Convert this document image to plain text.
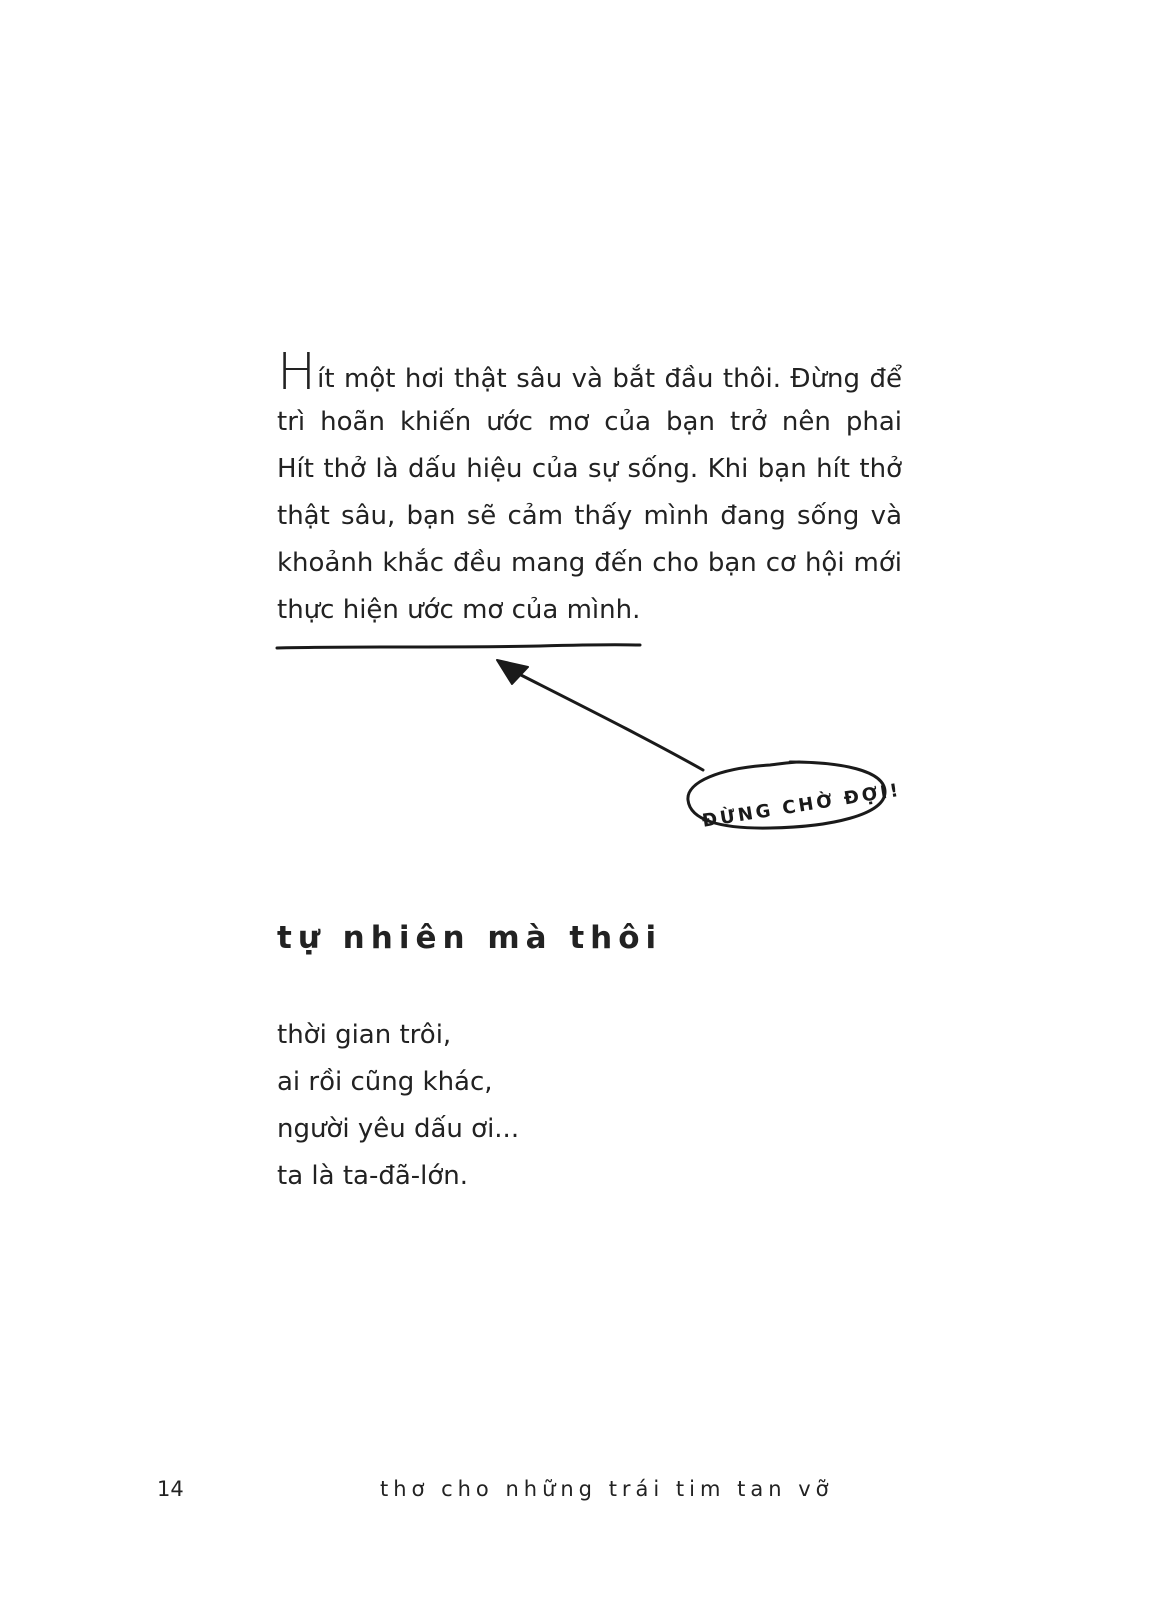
Hít một hơi thật sâu và bắt đầu thôi. Đừng để
trì hoãn khiến ước mơ của bạn trở nên phai
Hít thở là dấu hiệu của sự sống. Khi bạn hít thở
thật sâu, bạn sẽ cảm thấy mình đang sống và
khoảnh khắc đều mang đến cho bạn cơ hội mới
thực hiện ước mơ của mình.
ĐỪNG CHỜ ĐỢI!
tự nhiên mà thôi
thời gian trôi,
ai rồi cũng khác,
người yêu dấu ơi...
ta là ta-đã-lớn.
14	thơ cho những trái tim tan vỡ
